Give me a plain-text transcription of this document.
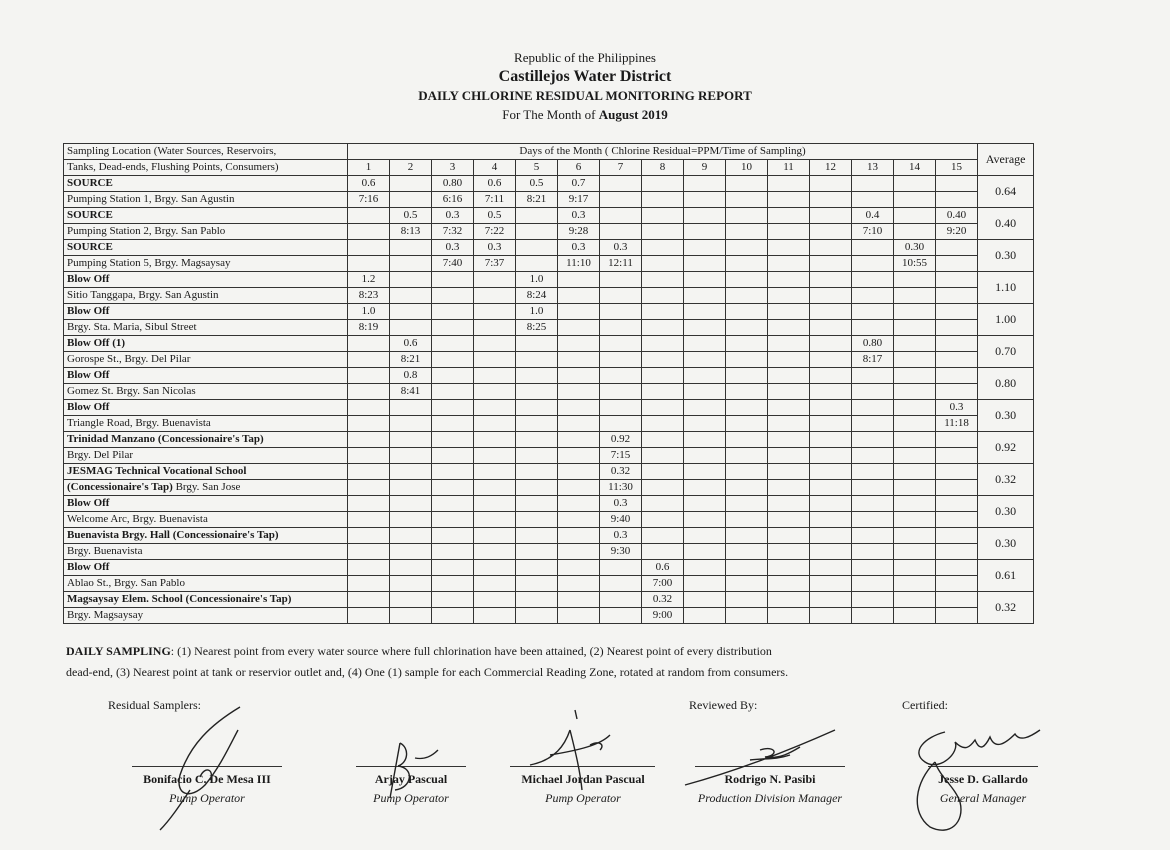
Republic of the Philippines
Castillejos Water District
DAILY CHLORINE RESIDUAL MONITORING REPORT
For The Month of August 2019
Sampling Location (Water Sources, Reservoirs,	Days of the Month ( Chlorine Residual=PPM/Time of Sampling)															Average
Tanks, Dead-ends, Flushing Points, Consumers)	1	2	3	4	5	6	7	8	9	10	11	12	13	14	15	
SOURCE	0.6		0.80	0.6	0.5	0.7										0.64
Pumping Station 1, Brgy. San Agustin	7:16		6:16	7:11	8:21	9:17										
SOURCE		0.5	0.3	0.5		0.3							0.4		0.40	0.40
Pumping Station 2, Brgy. San Pablo		8:13	7:32	7:22		9:28							7:10		9:20	
SOURCE			0.3	0.3		0.3	0.3							0.30		0.30
Pumping Station 5, Brgy. Magsaysay			7:40	7:37		11:10	12:11							10:55		
Blow Off	1.2				1.0											1.10
Sitio Tanggapa, Brgy. San Agustin	8:23				8:24											
Blow Off	1.0				1.0											1.00
Brgy. Sta. Maria, Sibul Street	8:19				8:25											
Blow Off (1)		0.6											0.80			0.70
Gorospe St., Brgy. Del Pilar		8:21											8:17			
Blow Off		0.8														0.80
Gomez St. Brgy. San Nicolas		8:41														
Blow Off															0.3	0.30
Triangle Road, Brgy. Buenavista															11:18	
Trinidad Manzano (Concessionaire's Tap)							0.92									0.92
Brgy. Del Pilar							7:15									
JESMAG Technical Vocational School							0.32									0.32
(Concessionaire's Tap) Brgy. San Jose							11:30									
Blow Off							0.3									0.30
Welcome Arc, Brgy. Buenavista							9:40									
Buenavista Brgy. Hall (Concessionaire's Tap)							0.3									0.30
Brgy. Buenavista							9:30									
Blow Off								0.6								0.61
Ablao St., Brgy. San Pablo								7:00								
Magsaysay Elem. School (Concessionaire's Tap)								0.32								0.32
Brgy. Magsaysay								9:00								
DAILY SAMPLING: (1) Nearest point from every water source where full chlorination have been attained, (2) Nearest point of every distribution
dead-end, (3) Nearest point at tank or reservior outlet and, (4) One (1) sample for each Commercial Reading Zone, rotated at random from consumers.
Residual Samplers:	Reviewed By:	Certified:
Bonifacio C. De Mesa III
Pump Operator
Arjay Pascual
Pump Operator
Michael Jordan Pascual
Pump Operator
Rodrigo N. Pasibi
Production Division Manager
Jesse D. Gallardo
General Manager
